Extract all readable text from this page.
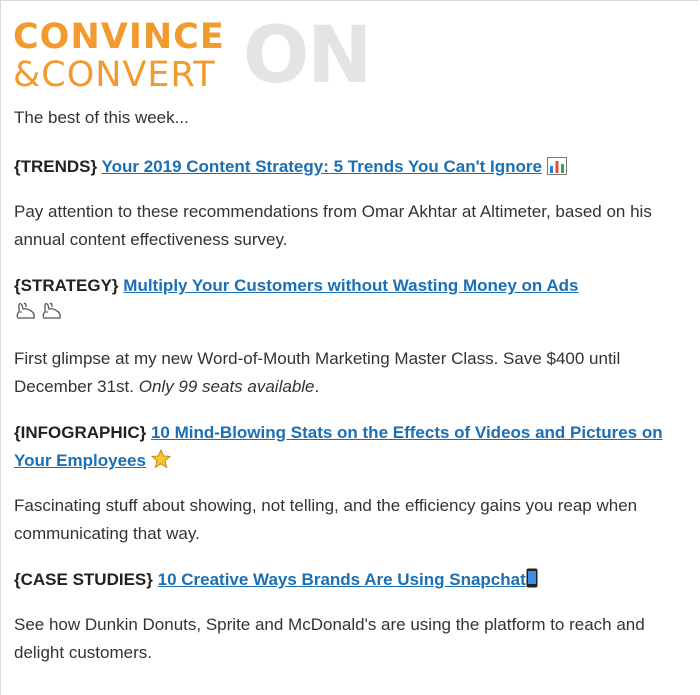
ON
CONVINCE
&CONVERT

The best of this week...

{TRENDS} Your 2019 Content Strategy: 5 Trends You Can't Ignore

Pay attention to these recommendations from Omar Akhtar at Altimeter, based on his annual content effectiveness survey.

{STRATEGY} Multiply Your Customers without Wasting Money on Ads

First glimpse at my new Word-of-Mouth Marketing Master Class. Save $400 until December 31st. Only 99 seats available.

{INFOGRAPHIC} 10 Mind-Blowing Stats on the Effects of Videos and Pictures on Your Employees

Fascinating stuff about showing, not telling, and the efficiency gains you reap when communicating that way.

{CASE STUDIES} 10 Creative Ways Brands Are Using Snapchat

See how Dunkin Donuts, Sprite and McDonald's are using the platform to reach and delight customers.
